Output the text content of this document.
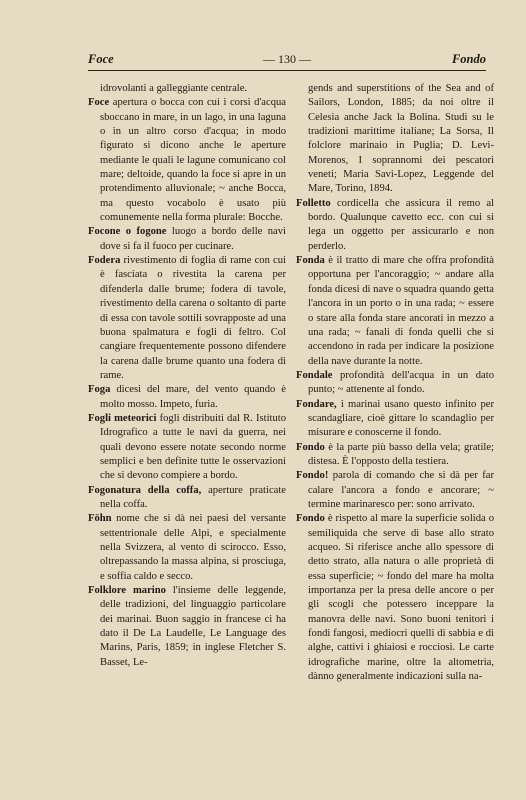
Foce	— 130 —	Fondo

idrovolanti a galleggiante centrale.

Foce apertura o bocca con cui i corsi d'acqua sboccano in mare, in un lago, in una laguna o in un altro corso d'acqua; in modo figurato si dicono anche le aperture mediante le quali le lagune comunicano col mare; deltoide, quando la foce si apre in un protendimento alluvionale; ~ anche Bocca, ma questo vocabolo è usato più comunemente nella forma plurale: Bocche.

Focone o fogone luogo a bordo delle navi dove si fa il fuoco per cucinare.

Fodera rivestimento di foglia di rame con cui è fasciata o rivestita la carena per difenderla dalle brume; fodera di tavole, rivestimento della carena o soltanto di parte di essa con tavole sottili sovrapposte ad una buona spalmatura e fogli di feltro. Col cangiare frequentemente possono difendere la carena dalle brume quanto una fodera di rame.

Foga dicesi del mare, del vento quando è molto mosso. Impeto, furia.

Fogli meteorici fogli distribuiti dal R. Istituto Idrografico a tutte le navi da guerra, nei quali devono essere notate secondo norme semplici e ben definite tutte le osservazioni che si devono compiere a bordo.

Fogonatura della coffa, aperture praticate nella coffa.

Föhn nome che si dà nei paesi del versante settentrionale delle Alpi, e specialmente nella Svizzera, al vento di scirocco. Esso, oltrepassando la massa alpina, si prosciuga, e soffia caldo e secco.

Folklore marino l'insieme delle leggende, delle tradizioni, del linguaggio particolare dei marinai. Buon saggio in francese ci ha dato il De La Laudelle, Le Language des Marins, Paris, 1859; in inglese Fletcher S. Basset, Le-

gends and superstitions of the Sea and of Sailors, London, 1885; da noi oltre il Celesia anche Jack la Bolina. Studi su le tradizioni marittime italiane; La Sorsa, Il folclore marinaio in Puglia; D. Levi-Morenos, I soprannomi dei pescatori veneti; Maria Savi-Lopez, Leggende del Mare, Torino, 1894.

Folletto cordicella che assicura il remo al bordo. Qualunque cavetto ecc. con cui si lega un oggetto per assicurarlo e non perderlo.

Fonda è il tratto di mare che offra profondità opportuna per l'ancoraggio; ~ andare alla fonda dicesi di nave o squadra quando getta l'ancora in un porto o in una rada; ~ essere o stare alla fonda stare ancorati in mezzo a una rada; ~ fanali di fonda quelli che si accendono in rada per indicare la posizione della nave durante la notte.

Fondale profondità dell'acqua in un dato punto; ~ attenente al fondo.

Fondare, i marinai usano questo infinito per scandagliare, cioè gittare lo scandaglio per misurare e conoscerne il fondo.

Fondo è la parte più basso della vela; gratile; distesa. È l'opposto della testiera.

Fondo! parola di comando che si dà per far calare l'ancora a fondo e ancorare; ~ termine marinaresco per: sono arrivato.

Fondo è rispetto al mare la superficie solida o semiliquida che serve di base allo strato acqueo. Si riferisce anche allo spessore di detto strato, alla natura o alle proprietà di essa superficie; ~ fondo del mare ha molta importanza per la presa delle ancore o per gli scogli che potessero inceppare la manovra delle navi. Sono buoni tenitori i fondi fangosi, mediocri quelli di sabbia e di alghe, cattivi i ghiaiosi e rocciosi. Le carte idrografiche marine, oltre la altometria, dànno generalmente indicazioni sulla na-
